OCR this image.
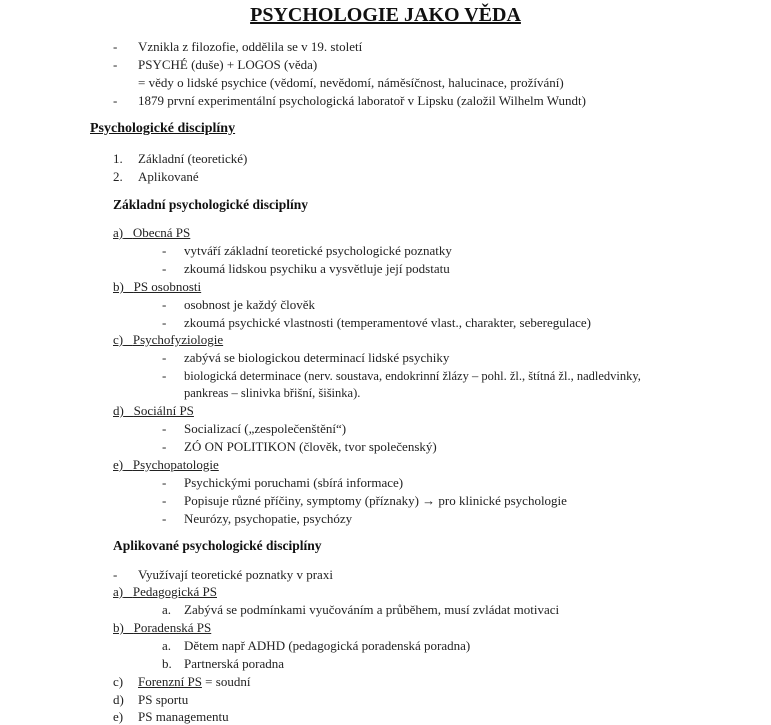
PSYCHOLOGIE JAKO VĚDA
- Vznikla z filozofie, oddělila se v 19. století
- PSYCHÉ (duše) + LOGOS (věda)
= vědy o lidské psychice (vědomí, nevědomí, náměsíčnost, halucinace, prožívání)
- 1879 první experimentální psychologická laboratoř v Lipsku (založil Wilhelm Wundt)
Psychologické disciplíny
1. Základní (teoretické)
2. Aplikované
Základní psychologické disciplíny
a) Obecná PS
- vytváří základní teoretické psychologické poznatky
- zkoumá lidskou psychiku a vysvětluje její podstatu
b) PS osobnosti
- osobnost je každý člověk
- zkoumá psychické vlastnosti (temperamentové vlast., charakter, seberegulace)
c) Psychofyziologie
- zabývá se biologickou determinací lidské psychiky
- biologická determinace (nerv. soustava, endokrinní žlázy – pohl. žl., štítná žl., nadledvinky,
pankreas – slinivka břišní, šišinka).
d) Sociální PS
- Socializací („zespolečenštění“)
- ZÓ ON POLITIKON (člověk, tvor společenský)
e) Psychopatologie
- Psychickými poruchami (sbírá informace)
- Popisuje různé příčiny, symptomy (příznaky) → pro klinické psychologie
- Neurózy, psychopatie, psychózy
Aplikované psychologické disciplíny
- Využívají teoretické poznatky v praxi
a) Pedagogická PS
a. Zabývá se podmínkami vyučováním a průběhem, musí zvládat motivaci
b) Poradenská PS
a. Dětem např ADHD (pedagogická poradenská poradna)
b. Partnerská poradna
c) Forenzní PS = soudní
d) PS sportu
e) PS managementu
